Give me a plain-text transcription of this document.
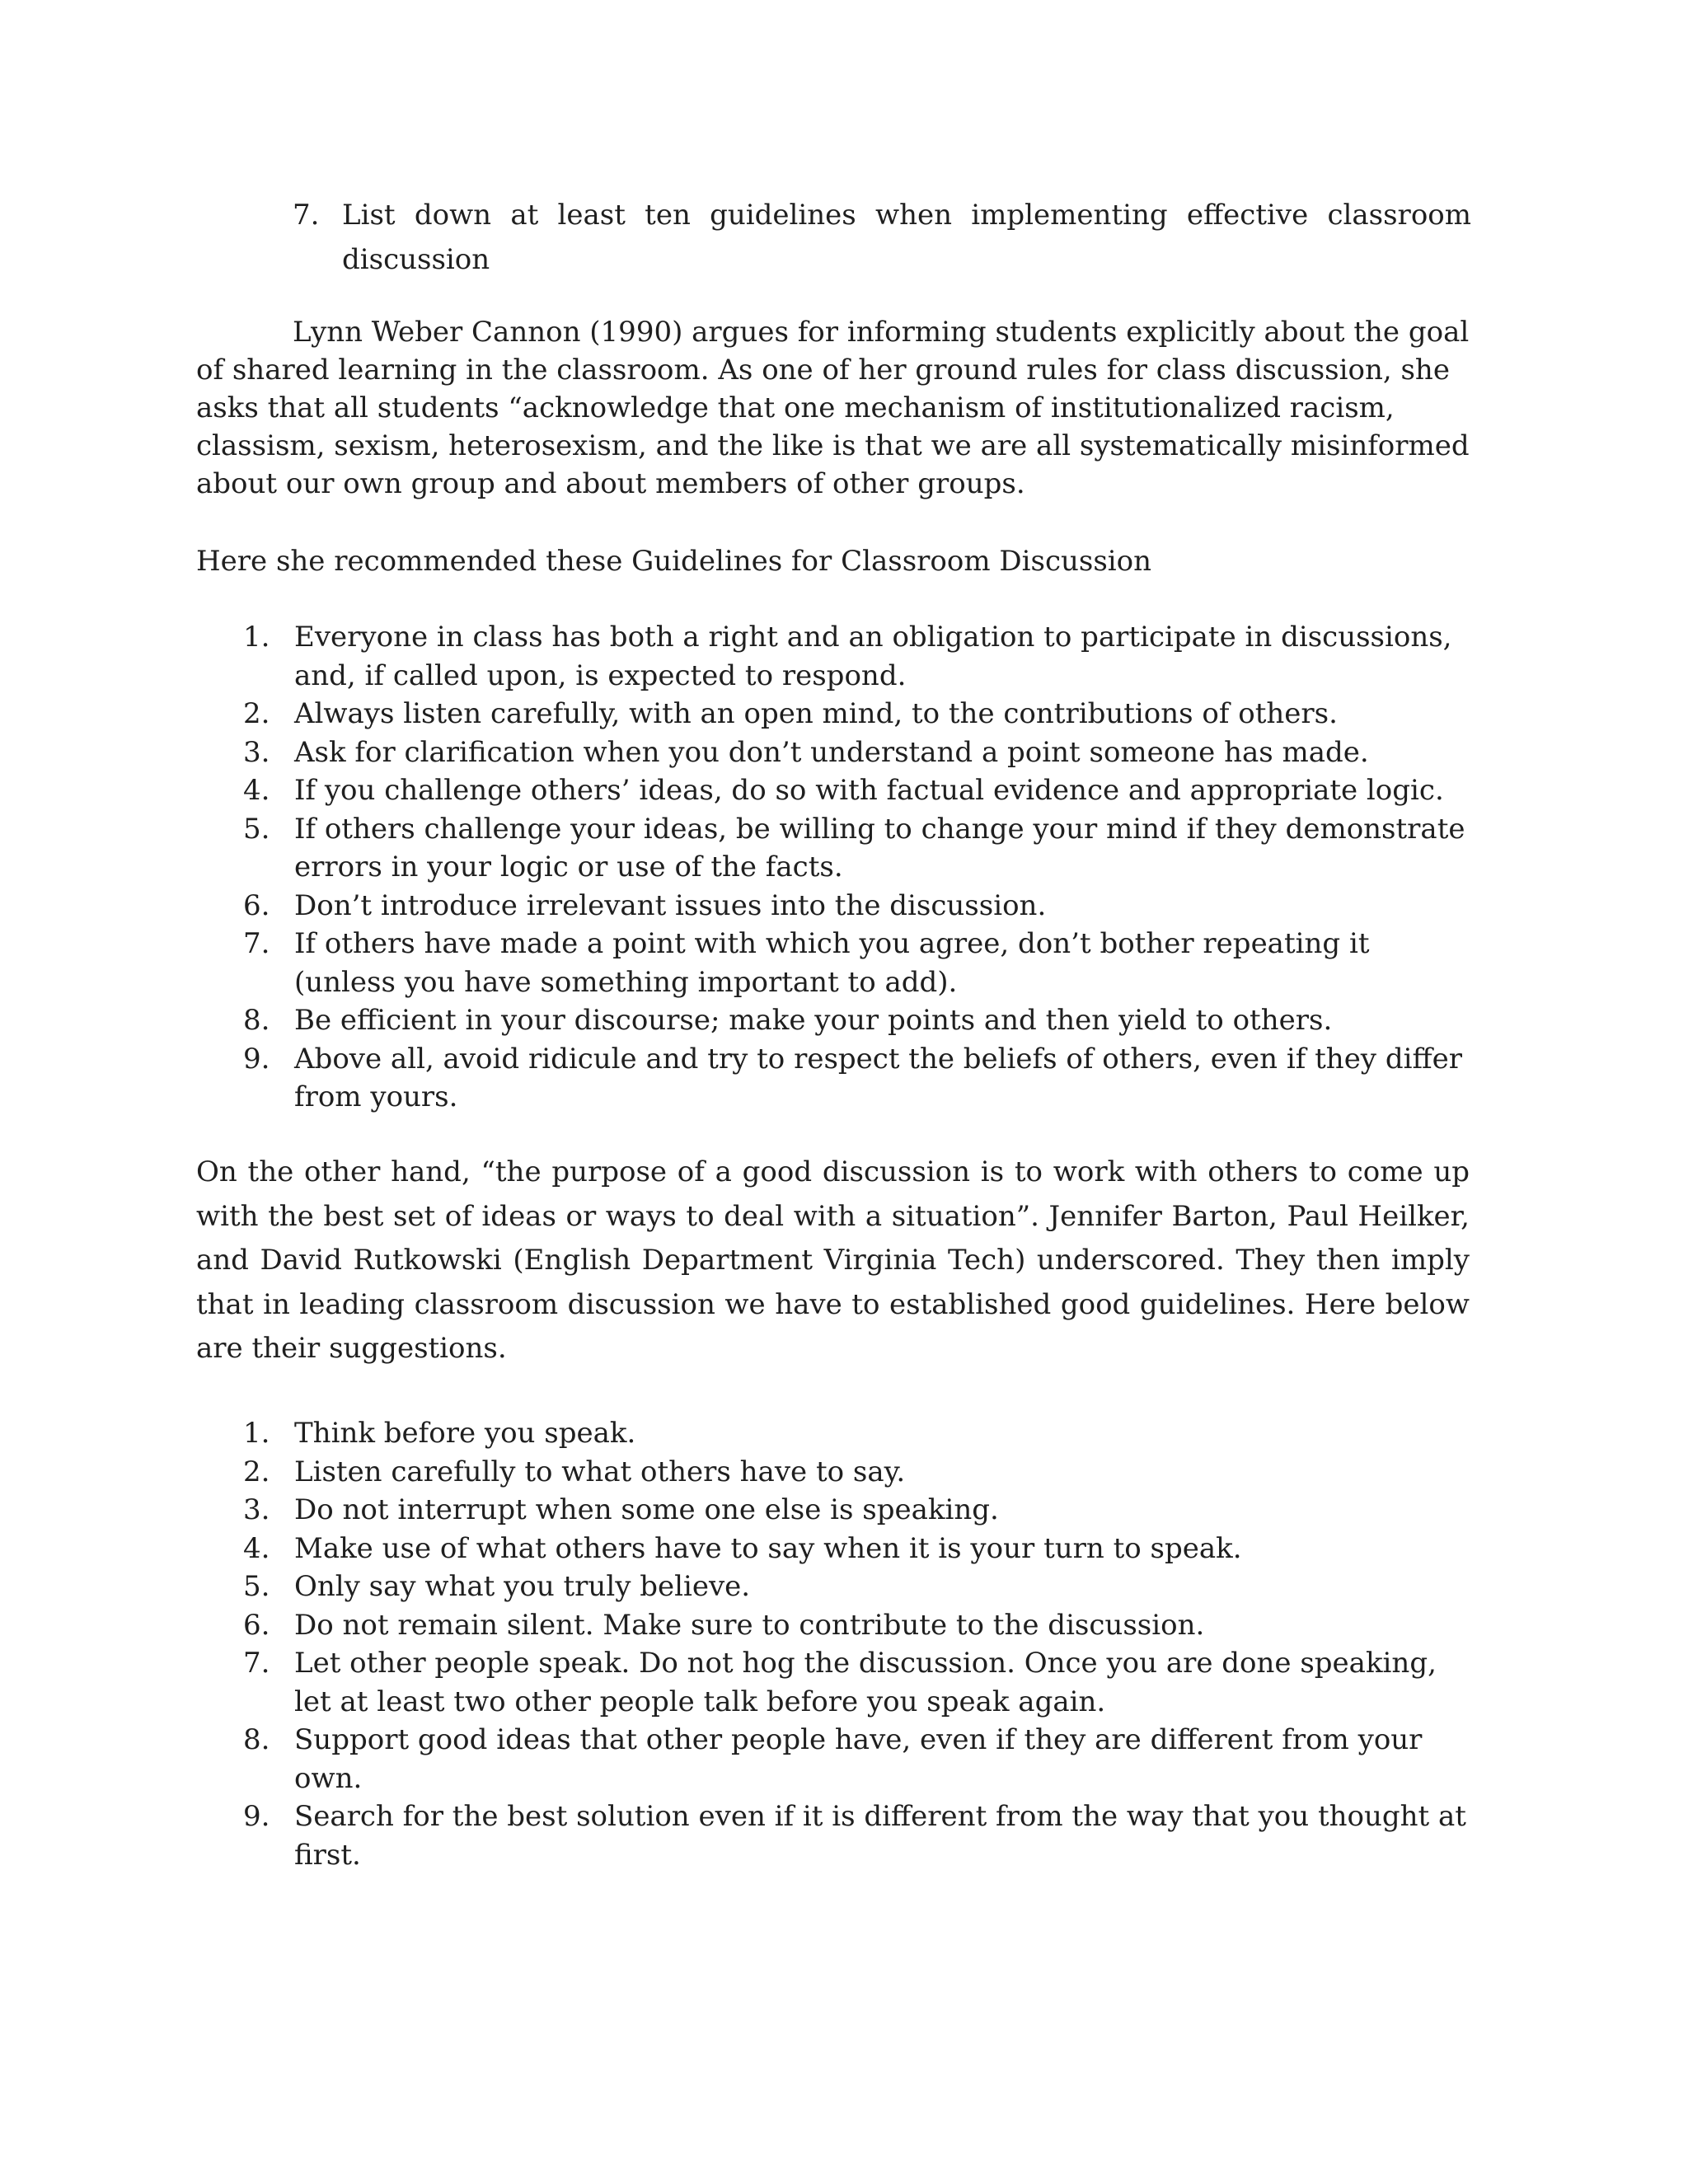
7. List down at least ten guidelines when implementing effective classroom
discussion

Lynn Weber Cannon (1990) argues for informing students explicitly about the goal of shared learning in the classroom. As one of her ground rules for class discussion, she asks that all students “acknowledge that one mechanism of institutionalized racism, classism, sexism, heterosexism, and the like is that we are all systematically misinformed about our own group and about members of other groups.

Here she recommended these Guidelines for Classroom Discussion

1. Everyone in class has both a right and an obligation to participate in discussions, and, if called upon, is expected to respond.
2. Always listen carefully, with an open mind, to the contributions of others.
3. Ask for clarification when you don’t understand a point someone has made.
4. If you challenge others’ ideas, do so with factual evidence and appropriate logic.
5. If others challenge your ideas, be willing to change your mind if they demonstrate errors in your logic or use of the facts.
6. Don’t introduce irrelevant issues into the discussion.
7. If others have made a point with which you agree, don’t bother repeating it (unless you have something important to add).
8. Be efficient in your discourse; make your points and then yield to others.
9. Above all, avoid ridicule and try to respect the beliefs of others, even if they differ from yours.

On the other hand, “the purpose of a good discussion is to work with others to come up with the best set of ideas or ways to deal with a situation”. Jennifer Barton, Paul Heilker, and David Rutkowski (English Department Virginia Tech) underscored. They then imply that in leading classroom discussion we have to established good guidelines. Here below are their suggestions.

1. Think before you speak.
2. Listen carefully to what others have to say.
3. Do not interrupt when some one else is speaking.
4. Make use of what others have to say when it is your turn to speak.
5. Only say what you truly believe.
6. Do not remain silent. Make sure to contribute to the discussion.
7. Let other people speak. Do not hog the discussion. Once you are done speaking, let at least two other people talk before you speak again.
8. Support good ideas that other people have, even if they are different from your own.
9. Search for the best solution even if it is different from the way that you thought at first.
